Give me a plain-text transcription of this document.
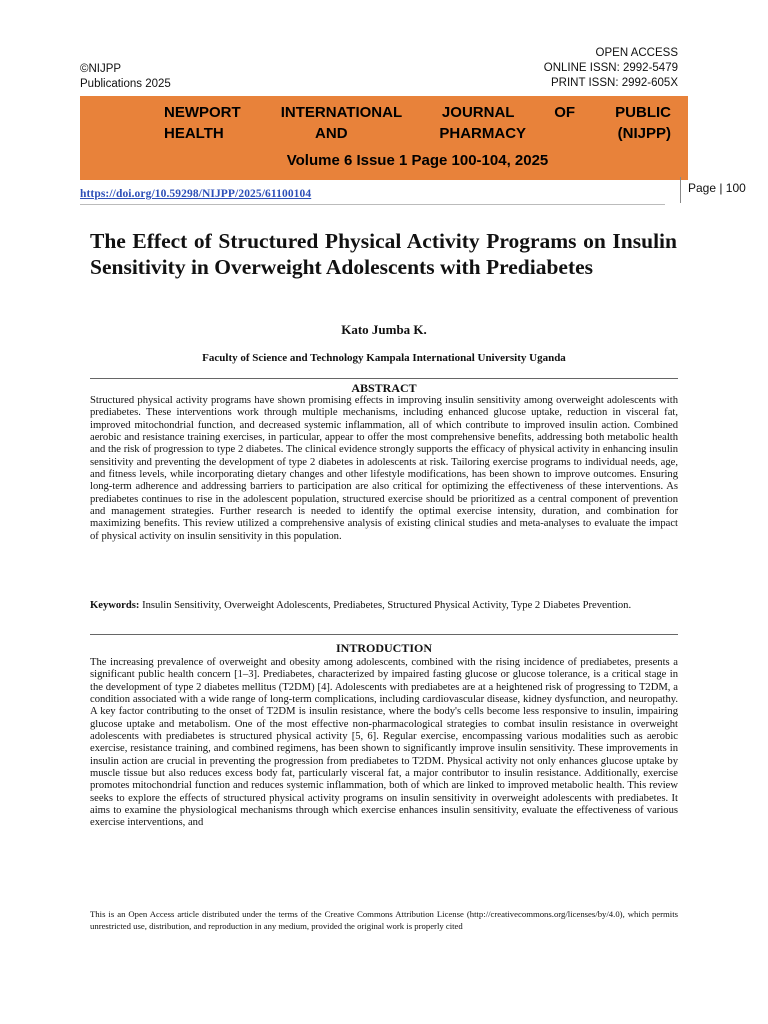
OPEN ACCESS
ONLINE ISSN: 2992-5479
PRINT ISSN: 2992-605X
©NIJPP
Publications 2025
NEWPORT INTERNATIONAL JOURNAL OF PUBLIC
HEALTH AND PHARMACY (NIJPP)
Volume 6 Issue 1 Page 100-104, 2025
https://doi.org/10.59298/NIJPP/2025/61100104	Page | 100
The Effect of Structured Physical Activity Programs on Insulin Sensitivity in Overweight Adolescents with Prediabetes
Kato Jumba K.
Faculty of Science and Technology Kampala International University Uganda
ABSTRACT

Structured physical activity programs have shown promising effects in improving insulin sensitivity among overweight adolescents with prediabetes. These interventions work through multiple mechanisms, including enhanced glucose uptake, reduction in visceral fat, improved mitochondrial function, and decreased systemic inflammation, all of which contribute to improved insulin action. Combined aerobic and resistance training exercises, in particular, appear to offer the most comprehensive benefits, addressing both metabolic health and the risk of progression to type 2 diabetes. The clinical evidence strongly supports the efficacy of physical activity in enhancing insulin sensitivity and preventing the development of type 2 diabetes in adolescents at risk. Tailoring exercise programs to individual needs, age, and fitness levels, while incorporating dietary changes and other lifestyle modifications, has been shown to improve outcomes. Ensuring long-term adherence and addressing barriers to participation are also critical for optimizing the effectiveness of these interventions. As prediabetes continues to rise in the adolescent population, structured exercise should be prioritized as a central component of prevention and management strategies. Further research is needed to identify the optimal exercise intensity, duration, and combination for maximizing benefits. This review utilized a comprehensive analysis of existing clinical studies and meta-analyses to evaluate the impact of physical activity on insulin sensitivity in this population.

Keywords: Insulin Sensitivity, Overweight Adolescents, Prediabetes, Structured Physical Activity, Type 2 Diabetes Prevention.

INTRODUCTION

The increasing prevalence of overweight and obesity among adolescents, combined with the rising incidence of prediabetes, presents a significant public health concern [1–3]. Prediabetes, characterized by impaired fasting glucose or glucose tolerance, is a critical stage in the development of type 2 diabetes mellitus (T2DM) [4]. Adolescents with prediabetes are at a heightened risk of progressing to T2DM, a condition associated with a wide range of long-term complications, including cardiovascular disease, kidney dysfunction, and neuropathy. A key factor contributing to the onset of T2DM is insulin resistance, where the body's cells become less responsive to insulin, impairing glucose uptake and metabolism. One of the most effective non-pharmacological strategies to combat insulin resistance in overweight adolescents with prediabetes is structured physical activity [5, 6]. Regular exercise, encompassing various modalities such as aerobic exercise, resistance training, and combined regimens, has been shown to significantly improve insulin sensitivity. These improvements in insulin action are crucial in preventing the progression from prediabetes to T2DM. Physical activity not only enhances glucose uptake by muscle tissue but also reduces excess body fat, particularly visceral fat, a major contributor to insulin resistance. Additionally, exercise promotes mitochondrial function and reduces systemic inflammation, both of which are linked to improved metabolic health. This review seeks to explore the effects of structured physical activity programs on insulin sensitivity in overweight adolescents with prediabetes. It aims to examine the physiological mechanisms through which exercise enhances insulin sensitivity, evaluate the effectiveness of various exercise interventions, and

This is an Open Access article distributed under the terms of the Creative Commons Attribution License (http://creativecommons.org/licenses/by/4.0), which permits unrestricted use, distribution, and reproduction in any medium, provided the original work is properly cited
